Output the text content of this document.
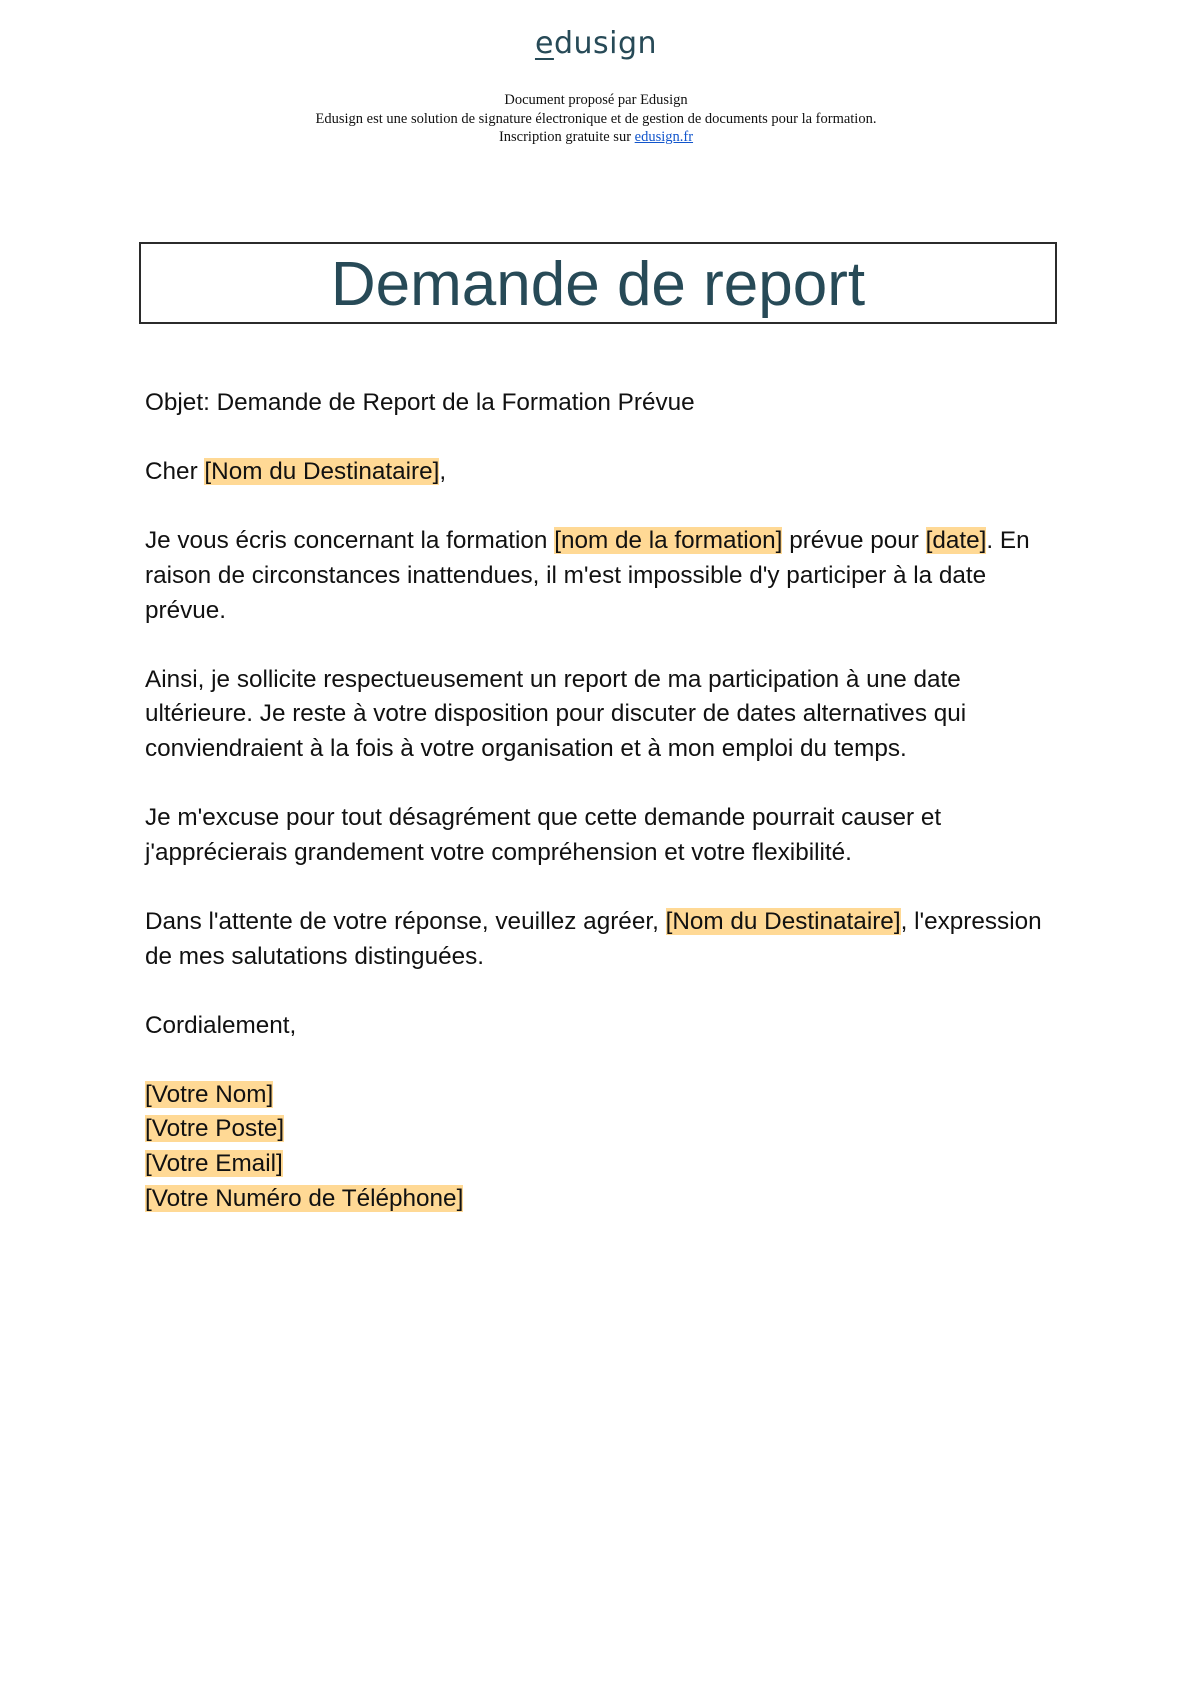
edusign
Document proposé par Edusign
Edusign est une solution de signature électronique et de gestion de documents pour la formation.
Inscription gratuite sur edusign.fr
Demande de report

Objet: Demande de Report de la Formation Prévue

Cher [Nom du Destinataire],

Je vous écris concernant la formation [nom de la formation] prévue pour [date]. En raison de circonstances inattendues, il m'est impossible d'y participer à la date prévue.

Ainsi, je sollicite respectueusement un report de ma participation à une date ultérieure. Je reste à votre disposition pour discuter de dates alternatives qui conviendraient à la fois à votre organisation et à mon emploi du temps.

Je m'excuse pour tout désagrément que cette demande pourrait causer et j'apprécierais grandement votre compréhension et votre flexibilité.

Dans l'attente de votre réponse, veuillez agréer, [Nom du Destinataire], l'expression de mes salutations distinguées.

Cordialement,

[Votre Nom]
[Votre Poste]
[Votre Email]
[Votre Numéro de Téléphone]
